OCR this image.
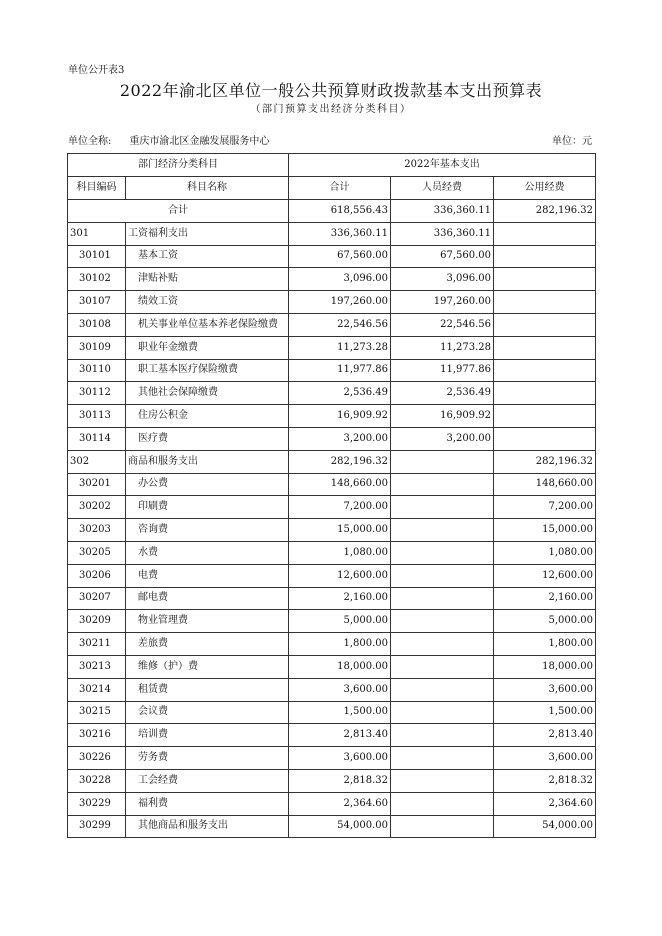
单位公开表3
2022年渝北区单位一般公共预算财政拨款基本支出预算表
（部门预算支出经济分类科目）
单位全称: 重庆市渝北区金融发展服务中心	单位：元
部门经济分类科目		2022年基本支出		
科目编码	科目名称	合计	人员经费	公用经费
合计		618,556.43	336,360.11	282,196.32
301	工资福利支出	336,360.11	336,360.11	
30101	基本工资	67,560.00	67,560.00	
30102	津贴补贴	3,096.00	3,096.00	
30107	绩效工资	197,260.00	197,260.00	
30108	机关事业单位基本养老保险缴费	22,546.56	22,546.56	
30109	职业年金缴费	11,273.28	11,273.28	
30110	职工基本医疗保险缴费	11,977.86	11,977.86	
30112	其他社会保障缴费	2,536.49	2,536.49	
30113	住房公积金	16,909.92	16,909.92	
30114	医疗费	3,200.00	3,200.00	
302	商品和服务支出	282,196.32		282,196.32
30201	办公费	148,660.00		148,660.00
30202	印刷费	7,200.00		7,200.00
30203	咨询费	15,000.00		15,000.00
30205	水费	1,080.00		1,080.00
30206	电费	12,600.00		12,600.00
30207	邮电费	2,160.00		2,160.00
30209	物业管理费	5,000.00		5,000.00
30211	差旅费	1,800.00		1,800.00
30213	维修（护）费	18,000.00		18,000.00
30214	租赁费	3,600.00		3,600.00
30215	会议费	1,500.00		1,500.00
30216	培训费	2,813.40		2,813.40
30226	劳务费	3,600.00		3,600.00
30228	工会经费	2,818.32		2,818.32
30229	福利费	2,364.60		2,364.60
30299	其他商品和服务支出	54,000.00		54,000.00
